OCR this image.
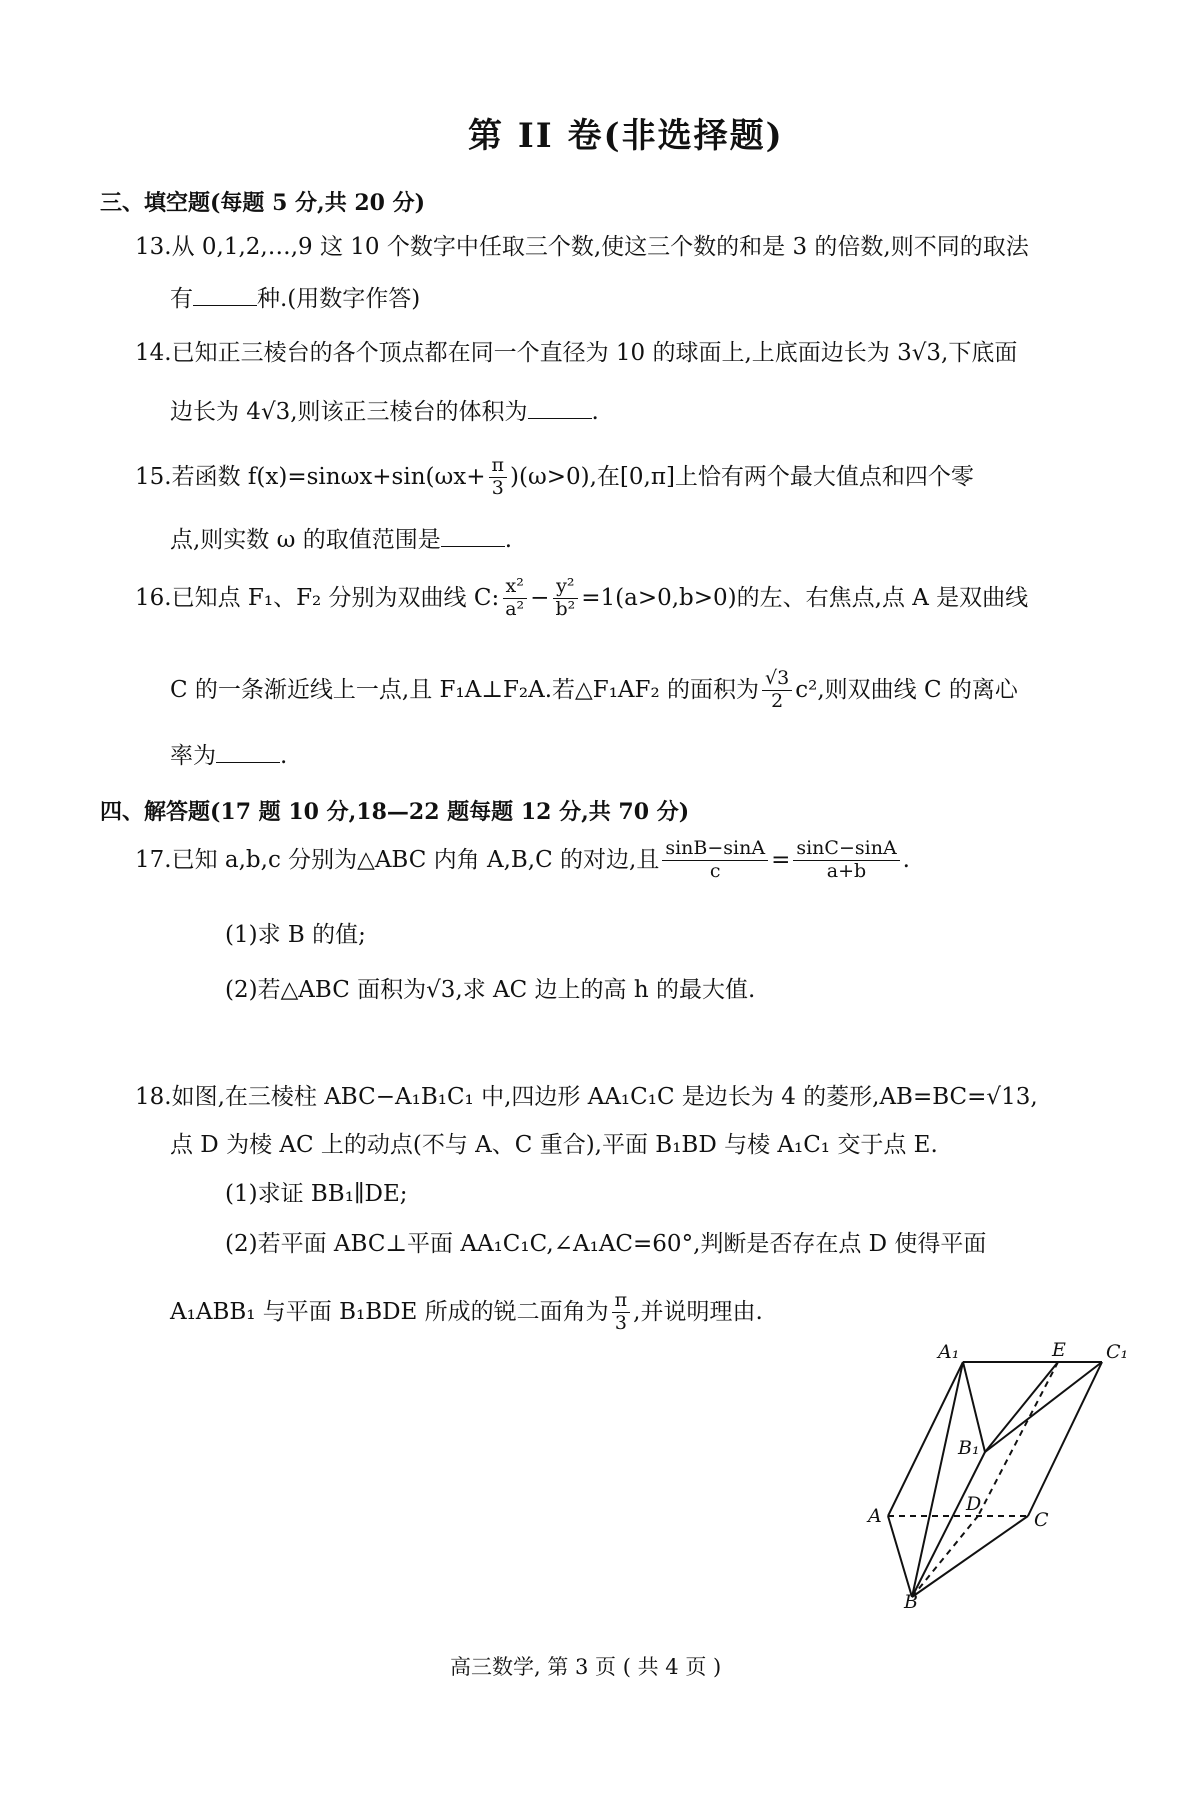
第 II 卷(非选择题)
三、填空题(每题 5 分,共 20 分)
13.从 0,1,2,…,9 这 10 个数字中任取三个数,使这三个数的和是 3 的倍数,则不同的取法
有	种.(用数字作答)
14.已知正三棱台的各个顶点都在同一个直径为 10 的球面上,上底面边长为 3√3,下底面
边长为 4√3,则该正三棱台的体积为	.
15.若函数 $f(x)=\sin\omega x+\sin(\omega x+ \frac{\pi}{3} )(\omega>0)$,在[0,π]上恰有两个最大值点和四个零
点,则实数 ω 的取值范围是	.
16.已知点 F₁、F₂ 分别为双曲线 C: $\frac{\text{x²}}{\text{a²}} - \frac{\text{y²}}{\text{b²}} =1(a>0,b>0)$的左、右焦点,点 A 是双曲线
C 的一条渐近线上一点,且 F₁A⊥F₂A.若△F₁AF₂ 的面积为 $\frac{√3}{2} c^2$,则双曲线 C 的离心
率为	.
四、解答题(17 题 10 分,18—22 题每题 12 分,共 70 分)
17.已知 a,b,c 分别为△ABC 内角 A,B,C 的对边,且 $\frac{\sin B-\sin A}{c} = \frac{\sin C-\sin A}{a+b}$ .
(1)求 B 的值;
(2)若△ABC 面积为√3,求 AC 边上的高 h 的最大值.
18.如图,在三棱柱 ABC−A₁B₁C₁ 中,四边形 AA₁C₁C 是边长为 4 的菱形,AB=BC=√13,
点 D 为棱 AC 上的动点(不与 A、C 重合),平面 B₁BD 与棱 A₁C₁ 交于点 E.
(1)求证 BB₁∥DE;
(2)若平面 ABC⊥平面 AA₁C₁C,∠A₁AC=60°,判断是否存在点 D 使得平面
A₁ABB₁ 与平面 B₁BDE 所成的锐二面角为 $\frac{\pi}{3}$ ,并说明理由.
A₁	E C₁
B₁
D
A	C
B
高三数学, 第 3 页 ( 共 4 页 )
